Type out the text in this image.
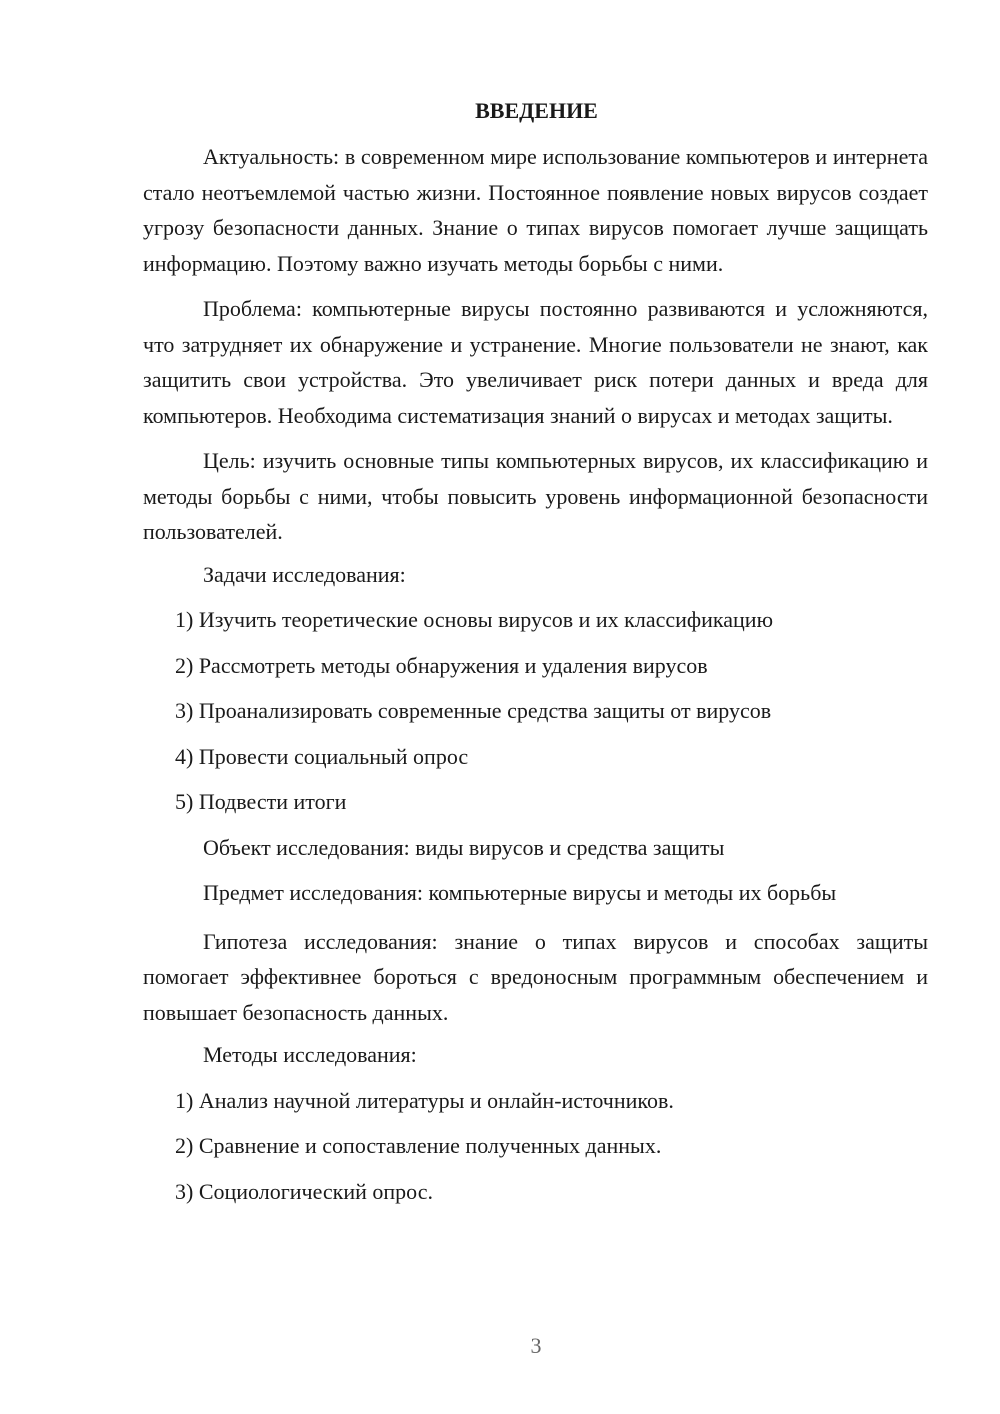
ВВЕДЕНИЕ

Актуальность: в современном мире использование компьютеров и интернета стало неотъемлемой частью жизни. Постоянное появление новых вирусов создает угрозу безопасности данных. Знание о типах вирусов помогает лучше защищать информацию. Поэтому важно изучать методы борьбы с ними.

Проблема: компьютерные вирусы постоянно развиваются и усложняются, что затрудняет их обнаружение и устранение. Многие пользователи не знают, как защитить свои устройства. Это увеличивает риск потери данных и вреда для компьютеров. Необходима систематизация знаний о вирусах и методах защиты.

Цель: изучить основные типы компьютерных вирусов, их классификацию и методы борьбы с ними, чтобы повысить уровень информационной безопасности пользователей.

Задачи исследования:
1) Изучить теоретические основы вирусов и их классификацию
2) Рассмотреть методы обнаружения и удаления вирусов
3) Проанализировать современные средства защиты от вирусов
4) Провести социальный опрос
5) Подвести итоги
Объект исследования: виды вирусов и средства защиты
Предмет исследования: компьютерные вирусы и методы их борьбы

Гипотеза исследования: знание о типах вирусов и способах защиты помогает эффективнее бороться с вредоносным программным обеспечением и повышает безопасность данных.

Методы исследования:
1) Анализ научной литературы и онлайн-источников.
2) Сравнение и сопоставление полученных данных.
3) Социологический опрос.
3
